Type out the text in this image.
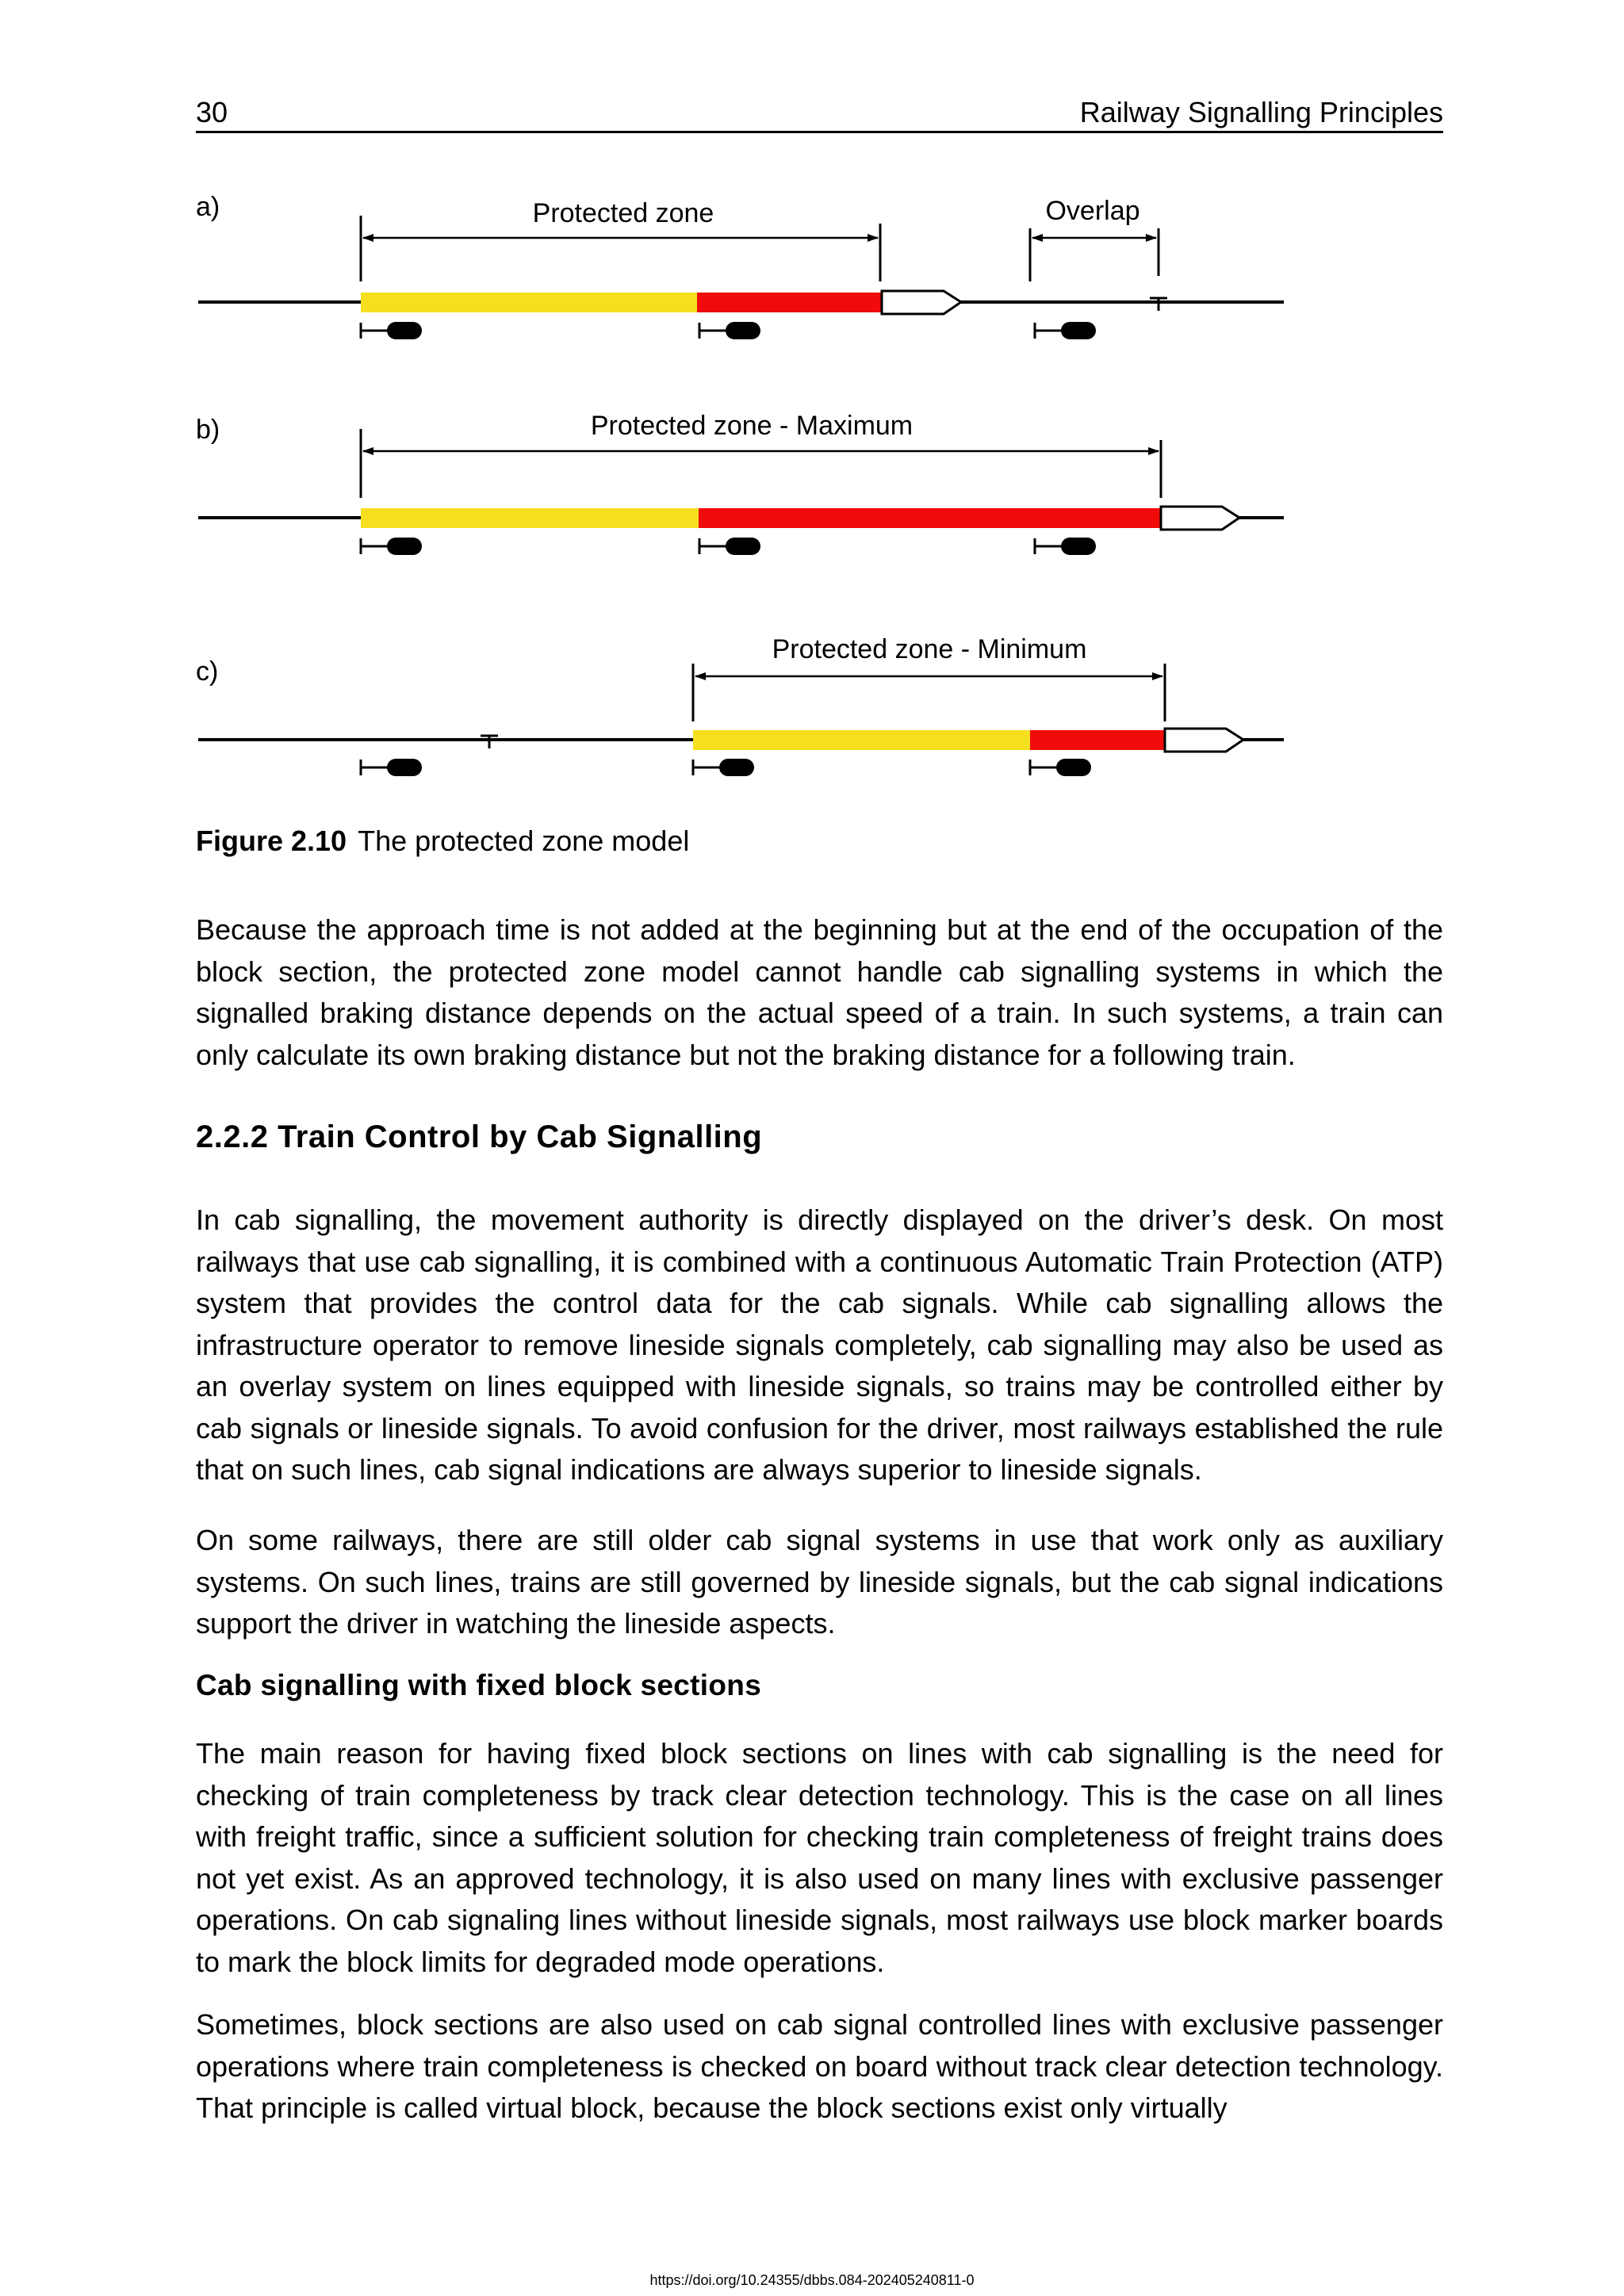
30	Railway Signalling Principles
a)	Protected zone	Overlap
b)	Protected zone - Maximum
c)
Protected zone - Minimum
Figure 2.10 The protected zone model

Because the approach time is not added at the beginning but at the end of the occupation of the block section, the protected zone model cannot handle cab signalling systems in which the signalled braking distance depends on the actual speed of a train. In such systems, a train can only calculate its own braking distance but not the braking distance for a following train.

2.2.2 Train Control by Cab Signalling

In cab signalling, the movement authority is directly displayed on the driver’s desk. On most railways that use cab signalling, it is combined with a continuous Automatic Train Protection (ATP) system that provides the control data for the cab signals. While cab signalling allows the infrastructure operator to remove lineside signals completely, cab signalling may also be used as an overlay system on lines equipped with lineside signals, so trains may be controlled either by cab signals or lineside signals. To avoid confusion for the driver, most railways established the rule that on such lines, cab signal indications are always superior to lineside signals.

On some railways, there are still older cab signal systems in use that work only as auxiliary systems. On such lines, trains are still governed by lineside signals, but the cab signal indications support the driver in watching the lineside aspects.

Cab signalling with fixed block sections

The main reason for having fixed block sections on lines with cab signalling is the need for checking of train completeness by track clear detection technology. This is the case on all lines with freight traffic, since a sufficient solution for checking train completeness of freight trains does not yet exist. As an approved technology, it is also used on many lines with exclusive passenger operations. On cab signaling lines without lineside signals, most railways use block marker boards to mark the block limits for degraded mode operations.

Sometimes, block sections are also used on cab signal controlled lines with exclusive passenger operations where train completeness is checked on board without track clear detection technology. That principle is called virtual block, because the block sections exist only virtually

https://doi.org/10.24355/dbbs.084-202405240811-0
